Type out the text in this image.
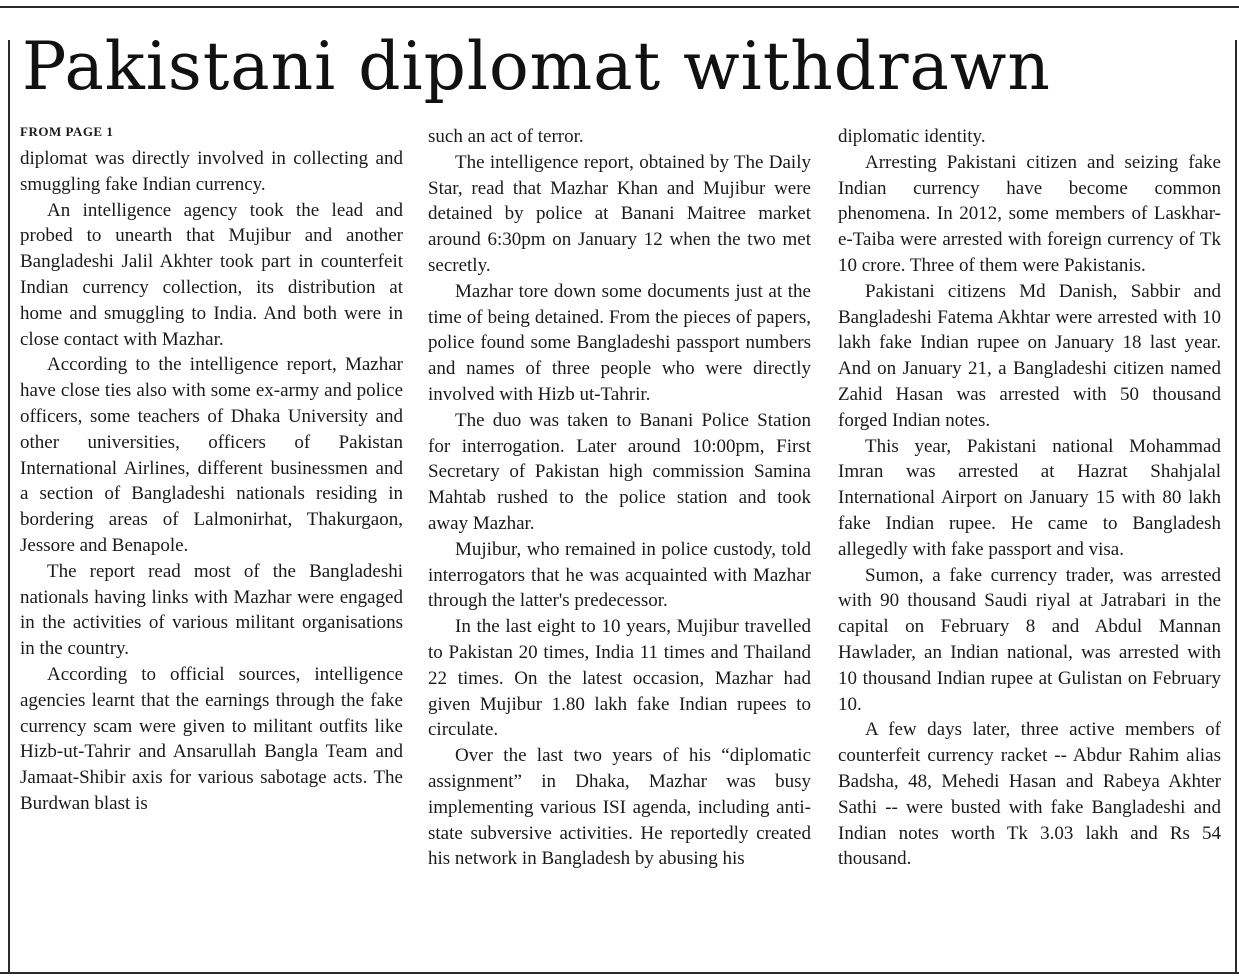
Pakistani diplomat withdrawn
FROM PAGE 1

diplomat was directly involved in collecting and smuggling fake Indian currency.

An intelligence agency took the lead and probed to unearth that Mujibur and another Bangladeshi Jalil Akhter took part in counterfeit Indian currency collection, its distribution at home and smuggling to India. And both were in close contact with Mazhar.

According to the intelligence report, Mazhar have close ties also with some ex-army and police officers, some teachers of Dhaka University and other universities, officers of Pakistan International Airlines, different businessmen and a section of Bangladeshi nationals residing in bordering areas of Lalmonirhat, Thakurgaon, Jessore and Benapole.

The report read most of the Bangladeshi nationals having links with Mazhar were engaged in the activities of various militant organisations in the country.

According to official sources, intelligence agencies learnt that the earnings through the fake currency scam were given to militant outfits like Hizb-ut-Tahrir and Ansarullah Bangla Team and Jamaat-Shibir axis for various sabotage acts. The Burdwan blast is

such an act of terror.

The intelligence report, obtained by The Daily Star, read that Mazhar Khan and Mujibur were detained by police at Banani Maitree market around 6:30pm on January 12 when the two met secretly.

Mazhar tore down some documents just at the time of being detained. From the pieces of papers, police found some Bangladeshi passport numbers and names of three people who were directly involved with Hizb ut-Tahrir.

The duo was taken to Banani Police Station for interrogation. Later around 10:00pm, First Secretary of Pakistan high commission Samina Mahtab rushed to the police station and took away Mazhar.

Mujibur, who remained in police custody, told interrogators that he was acquainted with Mazhar through the latter's predecessor.

In the last eight to 10 years, Mujibur travelled to Pakistan 20 times, India 11 times and Thailand 22 times. On the latest occasion, Mazhar had given Mujibur 1.80 lakh fake Indian rupees to circulate.

Over the last two years of his “diplomatic assignment” in Dhaka, Mazhar was busy implementing various ISI agenda, including anti-state subversive activities. He reportedly created his network in Bangladesh by abusing his

diplomatic identity.

Arresting Pakistani citizen and seizing fake Indian currency have become common phenomena. In 2012, some members of Laskhar-e-Taiba were arrested with foreign currency of Tk 10 crore. Three of them were Pakistanis.

Pakistani citizens Md Danish, Sabbir and Bangladeshi Fatema Akhtar were arrested with 10 lakh fake Indian rupee on January 18 last year. And on January 21, a Bangladeshi citizen named Zahid Hasan was arrested with 50 thousand forged Indian notes.

This year, Pakistani national Mohammad Imran was arrested at Hazrat Shahjalal International Airport on January 15 with 80 lakh fake Indian rupee. He came to Bangladesh allegedly with fake passport and visa.

Sumon, a fake currency trader, was arrested with 90 thousand Saudi riyal at Jatrabari in the capital on February 8 and Abdul Mannan Hawlader, an Indian national, was arrested with 10 thousand Indian rupee at Gulistan on February 10.

A few days later, three active members of counterfeit currency racket -- Abdur Rahim alias Badsha, 48, Mehedi Hasan and Rabeya Akhter Sathi -- were busted with fake Bangladeshi and Indian notes worth Tk 3.03 lakh and Rs 54 thousand.
